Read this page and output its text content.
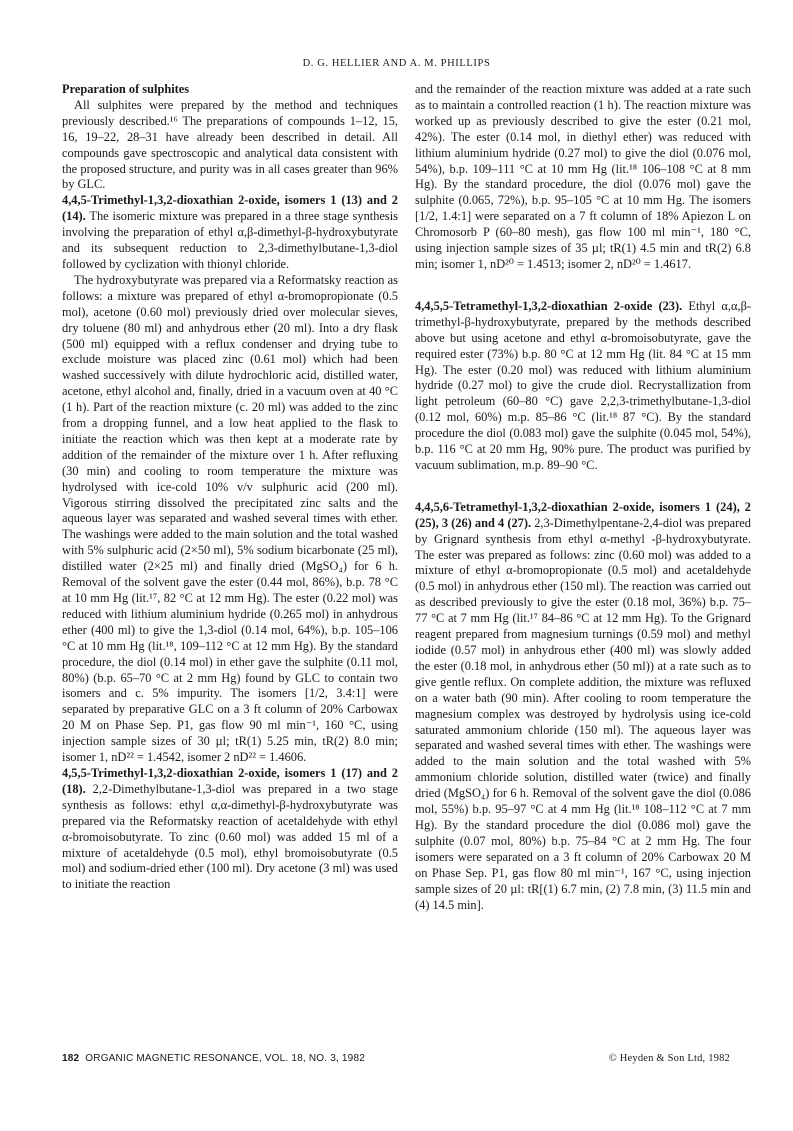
D. G. HELLIER AND A. M. PHILLIPS

Preparation of sulphites

All sulphites were prepared by the method and techniques previously described.¹⁶ The preparations of compounds 1–12, 15, 16, 19–22, 28–31 have already been described in detail. All compounds gave spectroscopic and analytical data consistent with the proposed structure, and purity was in all cases greater than 96% by GLC.

4,4,5-Trimethyl-1,3,2-dioxathian 2-oxide, isomers 1 (13) and 2 (14). The isomeric mixture was prepared in a three stage synthesis involving the preparation of ethyl α,β-dimethyl-β-hydroxybutyrate and its subsequent reduction to 2,3-dimethylbutane-1,3-diol followed by cyclization with thionyl chloride.

The hydroxybutyrate was prepared via a Reformatsky reaction as follows: a mixture was prepared of ethyl α-bromopropionate (0.5 mol), acetone (0.60 mol) previously dried over molecular sieves, dry toluene (80 ml) and anhydrous ether (20 ml). Into a dry flask (500 ml) equipped with a reflux condenser and drying tube to exclude moisture was placed zinc (0.61 mol) which had been washed successively with dilute hydrochloric acid, distilled water, acetone, ethyl alcohol and, finally, dried in a vacuum oven at 40 °C (1 h). Part of the reaction mixture (c. 20 ml) was added to the zinc from a dropping funnel, and a low heat applied to the flask to initiate the reaction which was then kept at a moderate rate by addition of the remainder of the mixture over 1 h. After refluxing (30 min) and cooling to room temperature the mixture was hydrolysed with ice-cold 10% v/v sulphuric acid (200 ml). Vigorous stirring dissolved the precipitated zinc salts and the aqueous layer was separated and washed several times with ether. The washings were added to the main solution and the total washed with 5% sulphuric acid (2×50 ml), 5% sodium bicarbonate (25 ml), distilled water (2×25 ml) and finally dried (MgSO₄) for 6 h. Removal of the solvent gave the ester (0.44 mol, 86%), b.p. 78 °C at 10 mm Hg (lit.¹⁷, 82 °C at 12 mm Hg). The ester (0.22 mol) was reduced with lithium aluminium hydride (0.265 mol) in anhydrous ether (400 ml) to give the 1,3-diol (0.14 mol, 64%), b.p. 105–106 °C at 10 mm Hg (lit.¹⁸, 109–112 °C at 12 mm Hg). By the standard procedure, the diol (0.14 mol) in ether gave the sulphite (0.11 mol, 80%) (b.p. 65–70 °C at 2 mm Hg) found by GLC to contain two isomers and c. 5% impurity. The isomers [1/2, 3.4:1] were separated by preparative GLC on a 3 ft column of 20% Carbowax 20 M on Phase Sep. P1, gas flow 90 ml min⁻¹, 160 °C, using injection sample sizes of 30 µl; tR(1) 5.25 min, tR(2) 8.0 min; isomer 1, nD²² = 1.4542, isomer 2 nD²² = 1.4606.

4,5,5-Trimethyl-1,3,2-dioxathian 2-oxide, isomers 1 (17) and 2 (18). 2,2-Dimethylbutane-1,3-diol was prepared in a two stage synthesis as follows: ethyl α,α-dimethyl-β-hydroxybutyrate was prepared via the Reformatsky reaction of acetaldehyde with ethyl α-bromoisobutyrate. To zinc (0.60 mol) was added 15 ml of a mixture of acetaldehyde (0.5 mol), ethyl bromoisobutyrate (0.5 mol) and sodium-dried ether (100 ml). Dry acetone (3 ml) was used to initiate the reaction

and the remainder of the reaction mixture was added at a rate such as to maintain a controlled reaction (1 h). The reaction mixture was worked up as previously described to give the ester (0.21 mol, 42%). The ester (0.14 mol, in diethyl ether) was reduced with lithium aluminium hydride (0.27 mol) to give the diol (0.076 mol, 54%), b.p. 109–111 °C at 10 mm Hg (lit.¹⁸ 106–108 °C at 8 mm Hg). By the standard procedure, the diol (0.076 mol) gave the sulphite (0.065, 72%), b.p. 95–105 °C at 10 mm Hg. The isomers [1/2, 1.4:1] were separated on a 7 ft column of 18% Apiezon L on Chromosorb P (60–80 mesh), gas flow 100 ml min⁻¹, 180 °C, using injection sample sizes of 35 µl; tR(1) 4.5 min and tR(2) 6.8 min; isomer 1, nD²⁰ = 1.4513; isomer 2, nD²⁰ = 1.4617.

4,4,5,5-Tetramethyl-1,3,2-dioxathian 2-oxide (23). Ethyl α,α,β-trimethyl-β-hydroxybutyrate, prepared by the methods described above but using acetone and ethyl α-bromoisobutyrate, gave the required ester (73%) b.p. 80 °C at 12 mm Hg (lit. 84 °C at 15 mm Hg). The ester (0.20 mol) was reduced with lithium aluminium hydride (0.27 mol) to give the crude diol. Recrystallization from light petroleum (60–80 °C) gave 2,2,3-trimethylbutane-1,3-diol (0.12 mol, 60%) m.p. 85–86 °C (lit.¹⁸ 87 °C). By the standard procedure the diol (0.083 mol) gave the sulphite (0.045 mol, 54%), b.p. 116 °C at 20 mm Hg, 90% pure. The product was purified by vacuum sublimation, m.p. 89–90 °C.

4,4,5,6-Tetramethyl-1,3,2-dioxathian 2-oxide, isomers 1 (24), 2 (25), 3 (26) and 4 (27). 2,3-Dimethylpentane-2,4-diol was prepared by Grignard synthesis from ethyl α-methyl -β-hydroxybutyrate. The ester was prepared as follows: zinc (0.60 mol) was added to a mixture of ethyl α-bromopropionate (0.5 mol) and acetaldehyde (0.5 mol) in anhydrous ether (150 ml). The reaction was carried out as described previously to give the ester (0.18 mol, 36%) b.p. 75–77 °C at 7 mm Hg (lit.¹⁷ 84–86 °C at 12 mm Hg). To the Grignard reagent prepared from magnesium turnings (0.59 mol) and methyl iodide (0.57 mol) in anhydrous ether (400 ml) was slowly added the ester (0.18 mol, in anhydrous ether (50 ml)) at a rate such as to give gentle reflux. On complete addition, the mixture was refluxed on a water bath (90 min). After cooling to room temperature the magnesium complex was destroyed by hydrolysis using ice-cold saturated ammonium chloride (150 ml). The aqueous layer was separated and washed several times with ether. The washings were added to the main solution and the total washed with 5% ammonium chloride solution, distilled water (twice) and finally dried (MgSO₄) for 6 h. Removal of the solvent gave the diol (0.086 mol, 55%) b.p. 95–97 °C at 4 mm Hg (lit.¹⁸ 108–112 °C at 7 mm Hg). By the standard procedure the diol (0.086 mol) gave the sulphite (0.07 mol, 80%) b.p. 75–84 °C at 2 mm Hg. The four isomers were separated on a 3 ft column of 20% Carbowax 20 M on Phase Sep. P1, gas flow 80 ml min⁻¹, 167 °C, using injection sample sizes of 20 µl: tR[(1) 6.7 min, (2) 7.8 min, (3) 11.5 min and (4) 14.5 min].

182 ORGANIC MAGNETIC RESONANCE, VOL. 18, NO. 3, 1982	© Heyden & Son Ltd, 1982
